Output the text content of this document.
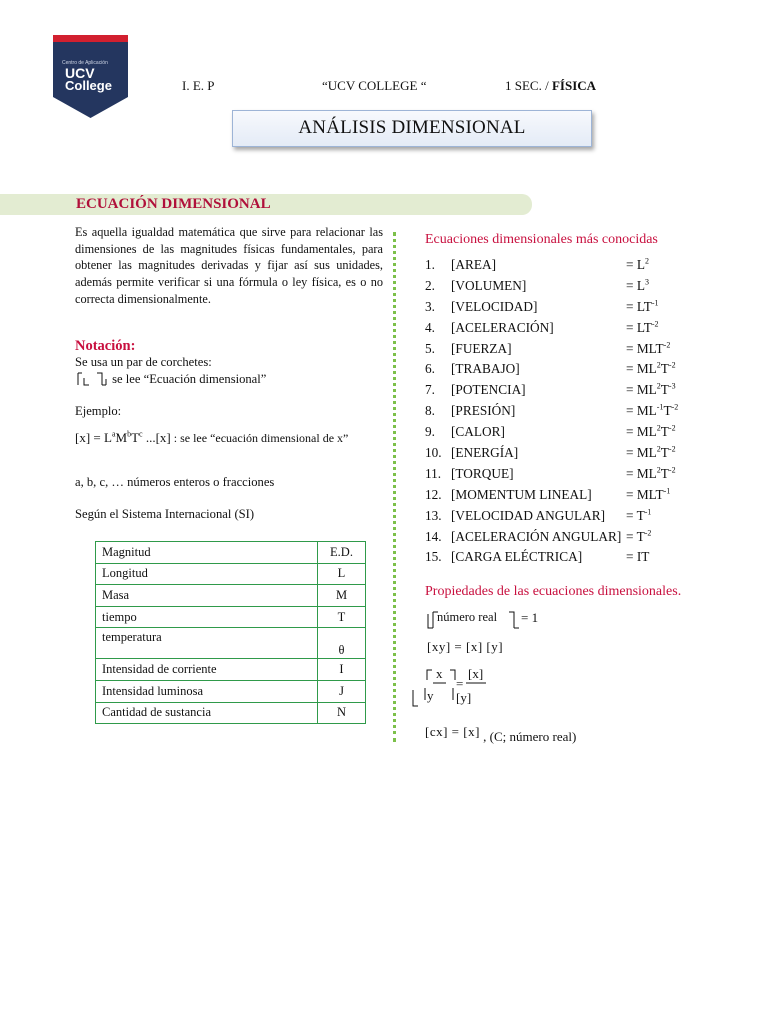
Centro de Aplicación
UCV
College	I. E. P	“UCV COLLEGE “	1 SEC. / FÍSICA
ANÁLISIS DIMENSIONAL
ECUACIÓN DIMENSIONAL
Es aquella igualdad matemática que sirve para relacionar las dimensiones de las magnitudes físicas fundamentales, para obtener las magnitudes derivadas y fijar así sus unidades, además permite verificar si una fórmula o ley física, es o no correcta dimensionalmente.
Notación:
Se usa un par de corchetes:
se lee “Ecuación dimensional”
Ejemplo:
$[x] = L^aM^bT^c$ ...[x] : se lee “ecuación dimensional de x”
a, b, c, … números enteros o fracciones
Según el Sistema Internacional (SI)
Magnitud	E.D.
Longitud	L
Masa	M
tiempo	T
temperatura	θ
Intensidad de corriente	I
Intensidad luminosa	J
Cantidad de sustancia	N
Ecuaciones dimensionales más conocidas
1. [AREA]	= $L^2$
2. [VOLUMEN]	= $L^3$
3. [VELOCIDAD]	= $LT^{-1}$
4. [ACELERACIÓN]	= $LT^{-2}$
5. [FUERZA]	= $MLT^{-2}$
6. [TRABAJO]	= $ML^2T^{-2}$
7. [POTENCIA]	= $ML^2T^{-3}$
8. [PRESIÓN]	= $ML^{-1}T^{-2}$
9. [CALOR]	= $ML^2T^{-2}$
10. [ENERGÍA]	= $ML^2T^{-2}$
11. [TORQUE]	= $ML^2T^{-2}$
12. [MOMENTUM LINEAL]	= $MLT^{-1}$
13. [VELOCIDAD ANGULAR] = $T^{-1}$
14. [ACELERACIÓN ANGULAR] = $T^{-2}$
15. [CARGA ELÉCTRICA]	= IT
Propiedades de las ecuaciones dimensionales.
número real = 1
[xy] = [x] [y]
x
y
=
[x]
[y]
[cx] = [x] , (C; número real)
